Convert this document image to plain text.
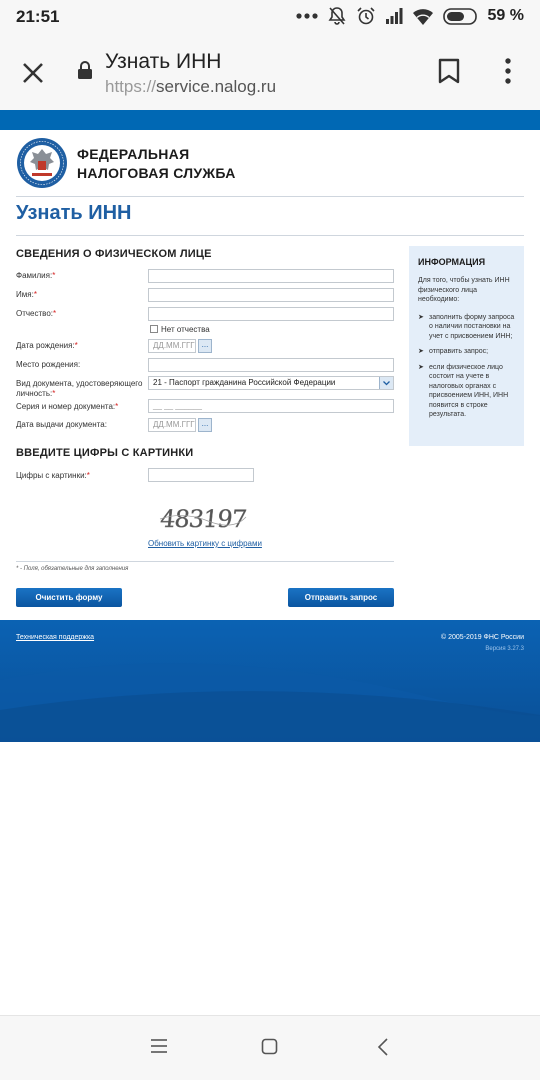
21:51	59 %
Узнать ИНН
https://service.nalog.ru
ФЕДЕРАЛЬНАЯ
НАЛОГОВАЯ СЛУЖБА
Узнать ИНН
СВЕДЕНИЯ О ФИЗИЧЕСКОМ ЛИЦЕ
Фамилия:*
Имя:*
Отчество:*
Нет отчества
Дата рождения:*	ДД.ММ.ГГГ ...
Место рождения:
Вид документа, удостоверяющего личность:*
21 - Паспорт гражданина Российской Федерации
Серия и номер документа:*	__ __ ______
Дата выдачи документа:	ДД.ММ.ГГГ ...
ВВЕДИТЕ ЦИФРЫ С КАРТИНКИ
Цифры с картинки:*
483197
Обновить картинку с цифрами
* - Поля, обязательные для заполнения
Очистить форму	Отправить запрос
ИНФОРМАЦИЯ
Для того, чтобы узнать ИНН физического лица необходимо:
➤ заполнить форму запроса о наличии постановки на учет с присвоением ИНН;
➤ отправить запрос;
➤ если физическое лицо состоит на учете в налоговых органах с присвоением ИНН, ИНН появится в строке результата.
Техническая поддержка	© 2005-2019 ФНС России
Версия 3.27.3
